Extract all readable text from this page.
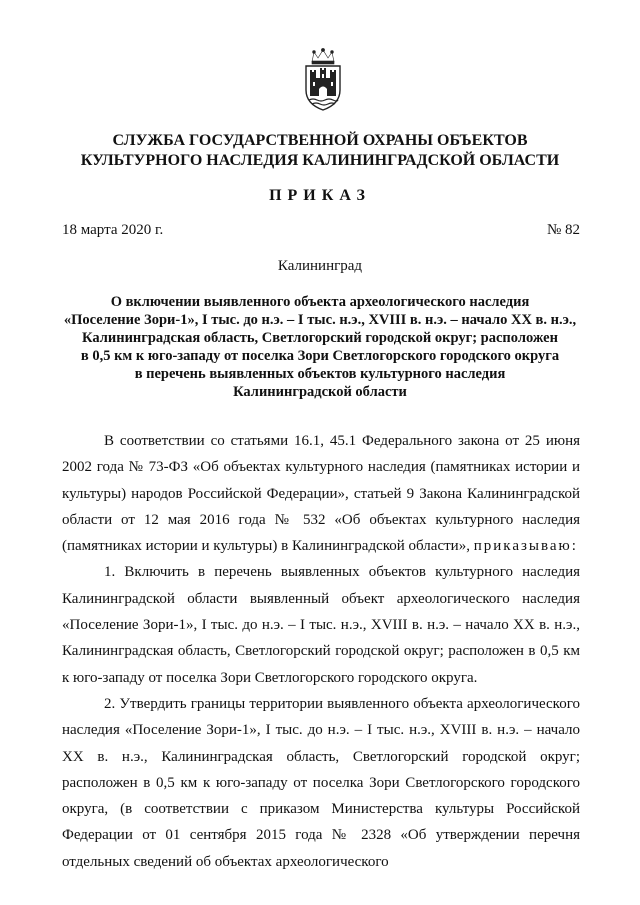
СЛУЖБА ГОСУДАРСТВЕННОЙ ОХРАНЫ ОБЪЕКТОВ
КУЛЬТУРНОГО НАСЛЕДИЯ КАЛИНИНГРАДСКОЙ ОБЛАСТИ
ПРИКАЗ
18 марта 2020 г.	№ 82
Калининград
О включении выявленного объекта археологического наследия
«Поселение Зори-1», I тыс. до н.э. – I тыс. н.э., XVIII в. н.э. – начало XX в. н.э.,
Калининградская область, Светлогорский городской округ; расположен
в 0,5 км к юго-западу от поселка Зори Светлогорского городского округа
в перечень выявленных объектов культурного наследия
Калининградской области

В соответствии со статьями 16.1, 45.1 Федерального закона от 25 июня 2002 года № 73-ФЗ «Об объектах культурного наследия (памятниках истории и культуры) народов Российской Федерации», статьей 9 Закона Калининградской области от 12 мая 2016 года № 532 «Об объектах культурного наследия (памятниках истории и культуры) в Калининградской области», приказываю:

1. Включить в перечень выявленных объектов культурного наследия Калининградской области выявленный объект археологического наследия «Поселение Зори-1», I тыс. до н.э. – I тыс. н.э., XVIII в. н.э. – начало XX в. н.э., Калининградская область, Светлогорский городской округ; расположен в 0,5 км к юго-западу от поселка Зори Светлогорского городского округа.

2. Утвердить границы территории выявленного объекта археологического наследия «Поселение Зори-1», I тыс. до н.э. – I тыс. н.э., XVIII в. н.э. – начало XX в. н.э., Калининградская область, Светлогорский городской округ; расположен в 0,5 км к юго-западу от поселка Зори Светлогорского городского округа, (в соответствии с приказом Министерства культуры Российской Федерации от 01 сентября 2015 года № 2328 «Об утверждении перечня отдельных сведений об объектах археологического
